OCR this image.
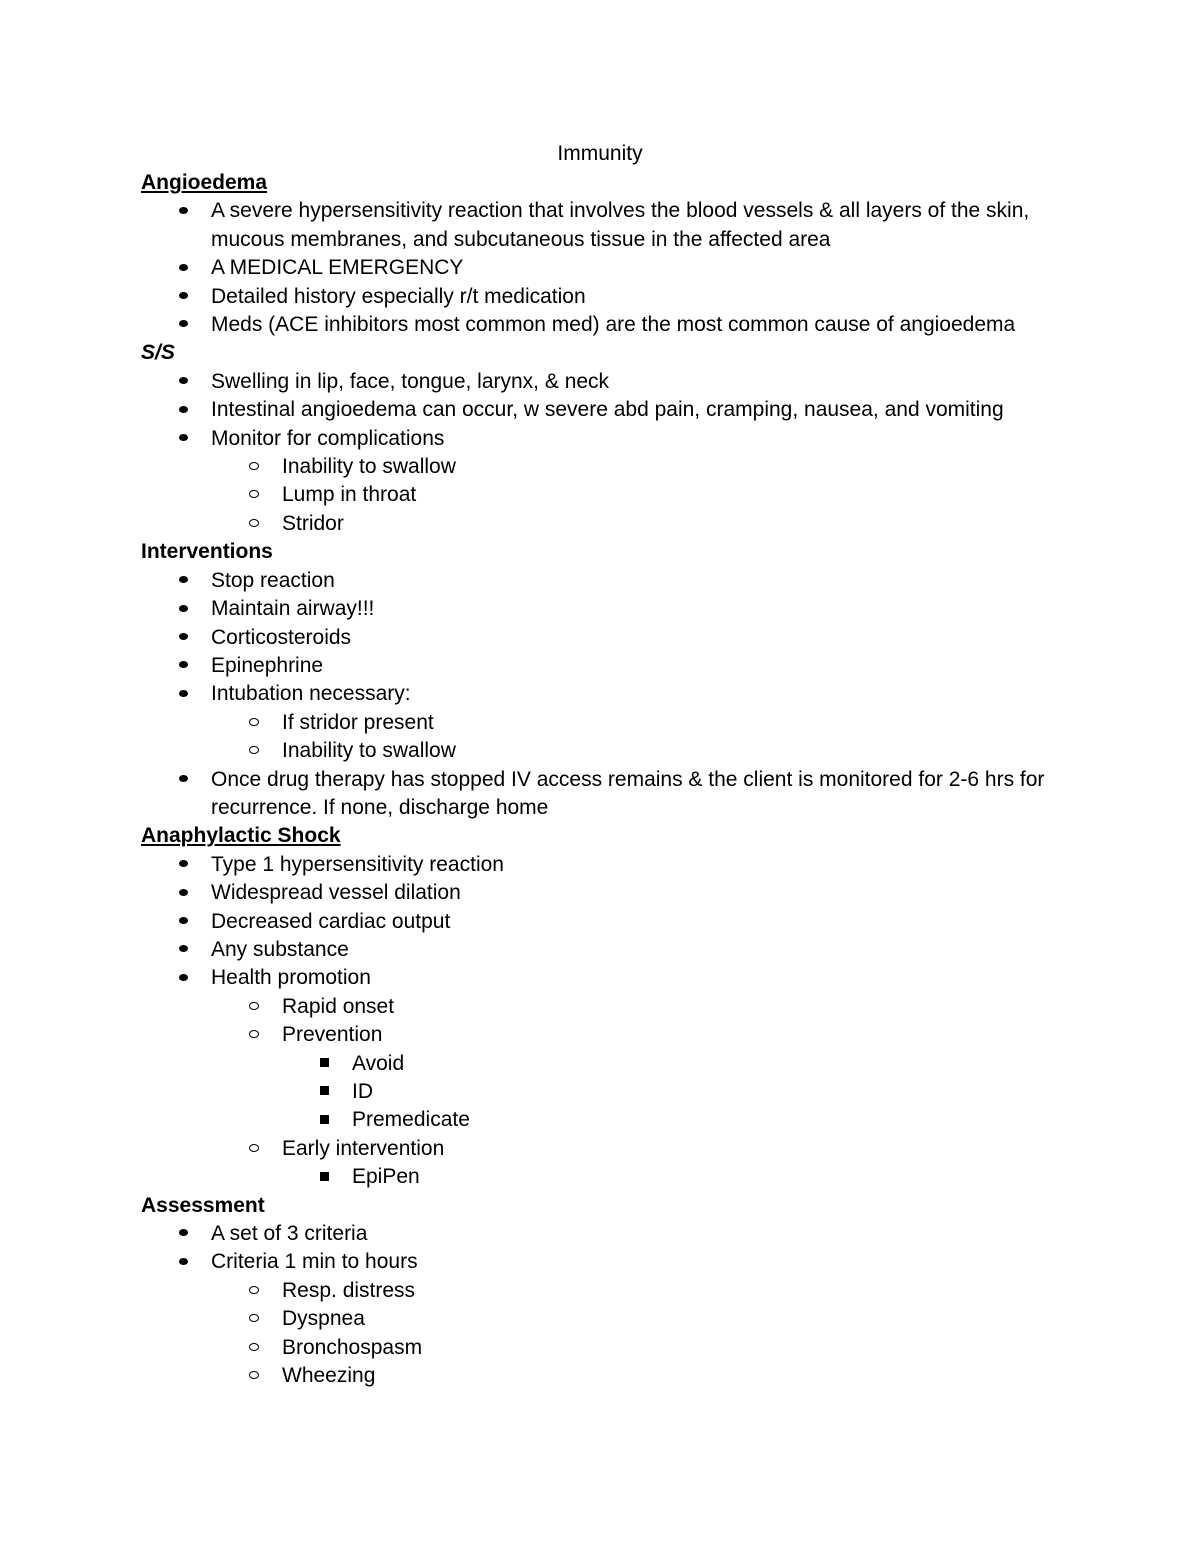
Immunity
Angioedema
A severe hypersensitivity reaction that involves the blood vessels & all layers of the skin, mucous membranes, and subcutaneous tissue in the affected area
A MEDICAL EMERGENCY
Detailed history especially r/t medication
Meds (ACE inhibitors most common med) are the most common cause of angioedema
S/S
Swelling in lip, face, tongue, larynx, & neck
Intestinal angioedema can occur, w severe abd pain, cramping, nausea, and vomiting
Monitor for complications
Inability to swallow
Lump in throat
Stridor
Interventions
Stop reaction
Maintain airway!!!
Corticosteroids
Epinephrine
Intubation necessary:
If stridor present
Inability to swallow
Once drug therapy has stopped IV access remains & the client is monitored for 2-6 hrs for recurrence. If none, discharge home
Anaphylactic Shock
Type 1 hypersensitivity reaction
Widespread vessel dilation
Decreased cardiac output
Any substance
Health promotion
Rapid onset
Prevention
Avoid
ID
Premedicate
Early intervention
EpiPen
Assessment
A set of 3 criteria
Criteria 1 min to hours
Resp. distress
Dyspnea
Bronchospasm
Wheezing
